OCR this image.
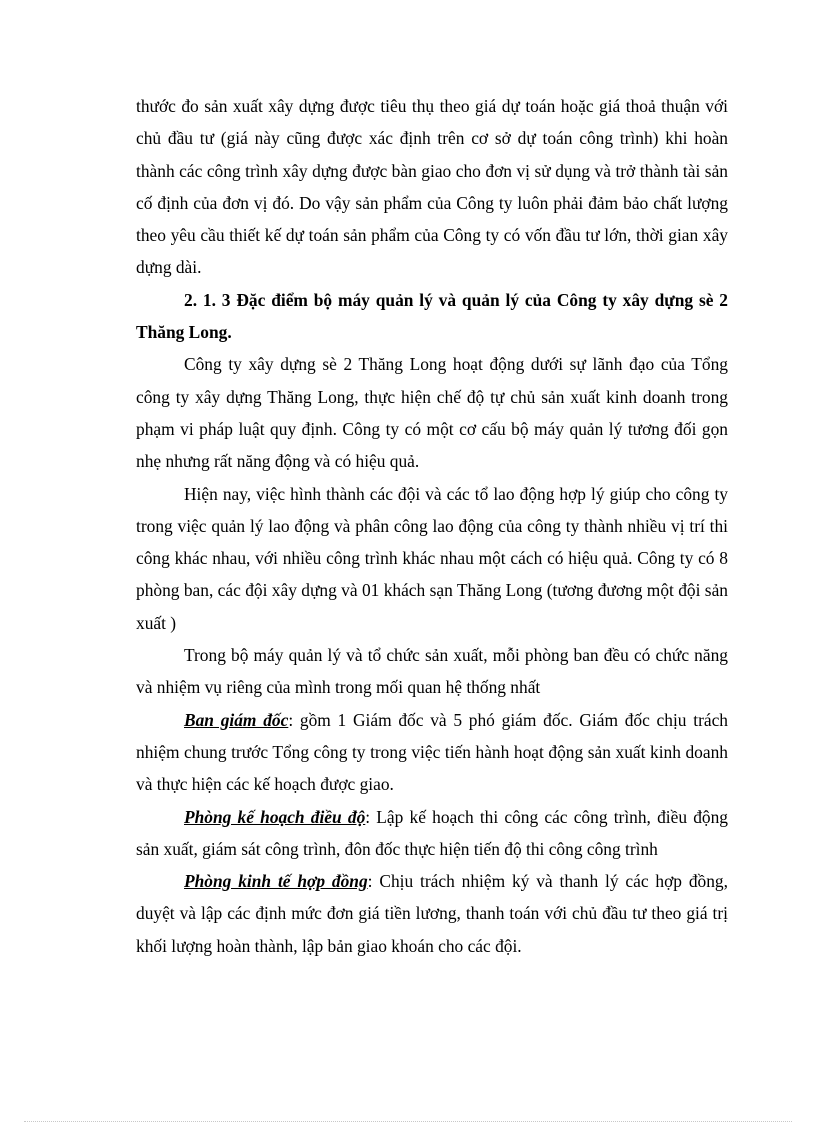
thước đo sản xuất xây dựng được tiêu thụ theo giá dự toán hoặc giá thoả thuận với chủ đầu tư (giá này cũng được xác định trên cơ sở dự toán công trình) khi hoàn thành các công trình xây dựng được bàn giao cho đơn vị sử dụng và trở thành tài sản cố định của đơn vị đó. Do vậy sản phẩm của Công ty luôn phải đảm bảo chất lượng theo yêu cầu thiết kế dự toán sản phẩm của Công ty có vốn đầu tư lớn, thời gian xây dựng dài.

2. 1. 3 Đặc điểm bộ máy quản lý và quản lý của Công ty xây dựng sè 2 Thăng Long.

Công ty xây dựng sè 2 Thăng Long hoạt động dưới sự lãnh đạo của Tổng công ty xây dựng Thăng Long, thực hiện chế độ tự chủ sản xuất kinh doanh trong phạm vi pháp luật quy định. Công ty có một cơ cấu bộ máy quản lý tương đối gọn nhẹ nhưng rất năng động và có hiệu quả.

Hiện nay, việc hình thành các đội và các tổ lao động hợp lý giúp cho công ty trong việc quản lý lao động và phân công lao động của công ty thành nhiều vị trí thi công khác nhau, với nhiều công trình khác nhau một cách có hiệu quả. Công ty có 8 phòng ban, các đội xây dựng và 01 khách sạn Thăng Long (tương đương một đội sản xuất )

Trong bộ máy quản lý và tổ chức sản xuất, mỗi phòng ban đều có chức năng và nhiệm vụ riêng của mình trong mối quan hệ thống nhất

Ban giám đốc: gồm 1 Giám đốc và 5 phó giám đốc. Giám đốc chịu trách nhiệm chung trước Tổng công ty trong việc tiến hành hoạt động sản xuất kinh doanh và thực hiện các kế hoạch được giao.

Phòng kế hoạch điều độ: Lập kế hoạch thi công các công trình, điều động sản xuất, giám sát công trình, đôn đốc thực hiện tiến độ thi công công trình

Phòng kinh tế hợp đồng: Chịu trách nhiệm ký và thanh lý các hợp đồng, duyệt và lập các định mức đơn giá tiền lương, thanh toán với chủ đầu tư theo giá trị khối lượng hoàn thành, lập bản giao khoán cho các đội.
